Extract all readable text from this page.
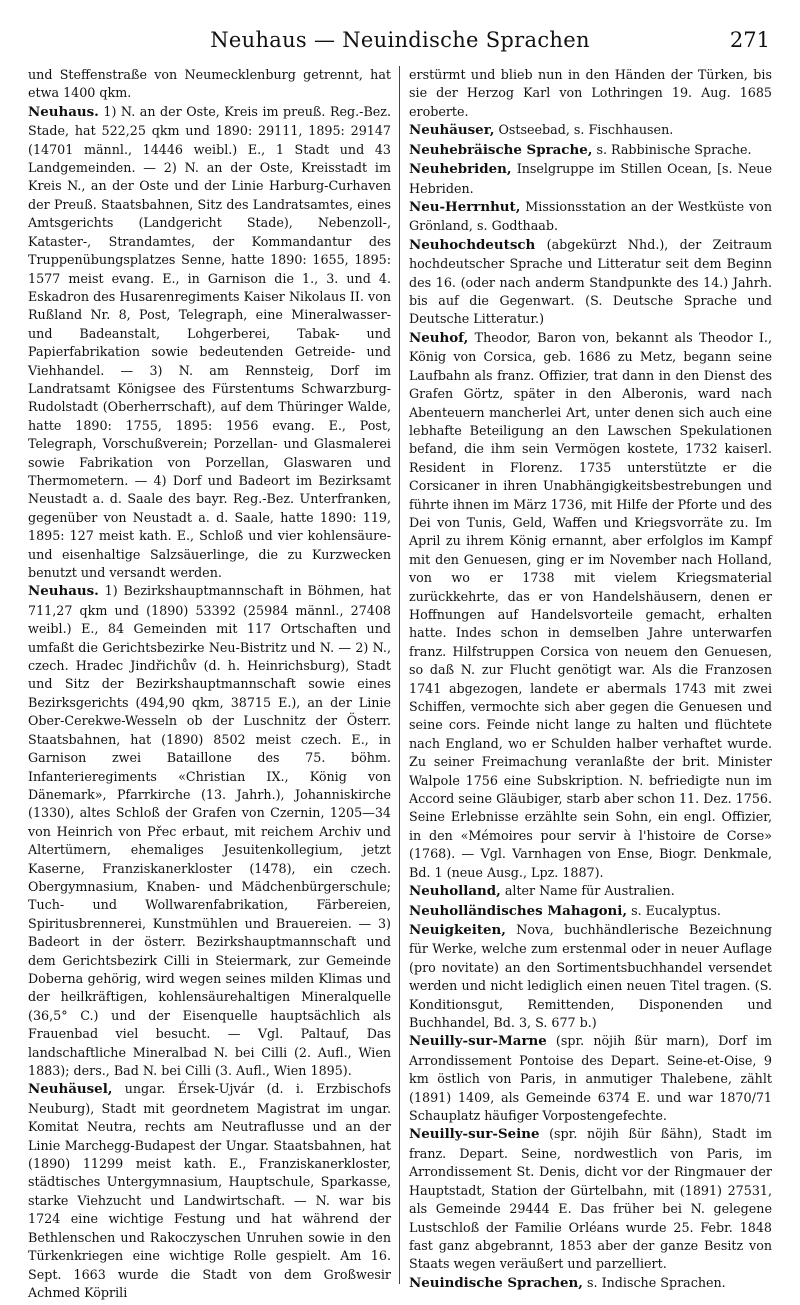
Neuhaus — Neuindische Sprachen	271

und Steffenstraße von Neumecklenburg getrennt, hat etwa 1400 qkm.

Neuhaus. 1) N. an der Oste, Kreis im preuß. Reg.-Bez. Stade, hat 522,25 qkm und 1890: 29111, 1895: 29147 (14701 männl., 14446 weibl.) E., 1 Stadt und 43 Landgemeinden. — 2) N. an der Oste, Kreisstadt im Kreis N., an der Oste und der Linie Harburg-Curhaven der Preuß. Staatsbahnen, Sitz des Landratsamtes, eines Amtsgerichts (Landgericht Stade), Nebenzoll-, Kataster-, Strandamtes, der Kommandantur des Truppenübungsplatzes Senne, hatte 1890: 1655, 1895: 1577 meist evang. E., in Garnison die 1., 3. und 4. Eskadron des Husarenregiments Kaiser Nikolaus II. von Rußland Nr. 8, Post, Telegraph, eine Mineralwasser- und Badeanstalt, Lohgerberei, Tabak- und Papierfabrikation sowie bedeutenden Getreide- und Viehhandel. — 3) N. am Rennsteig, Dorf im Landratsamt Königsee des Fürstentums Schwarzburg-Rudolstadt (Oberherrschaft), auf dem Thüringer Walde, hatte 1890: 1755, 1895: 1956 evang. E., Post, Telegraph, Vorschußverein; Porzellan- und Glasmalerei sowie Fabrikation von Porzellan, Glaswaren und Thermometern. — 4) Dorf und Badeort im Bezirksamt Neustadt a. d. Saale des bayr. Reg.-Bez. Unterfranken, gegenüber von Neustadt a. d. Saale, hatte 1890: 119, 1895: 127 meist kath. E., Schloß und vier kohlensäure- und eisenhaltige Salzsäuerlinge, die zu Kurzwecken benutzt und versandt werden.

Neuhaus. 1) Bezirkshauptmannschaft in Böhmen, hat 711,27 qkm und (1890) 53392 (25984 männl., 27408 weibl.) E., 84 Gemeinden mit 117 Ortschaften und umfaßt die Gerichtsbezirke Neu-Bistritz und N. — 2) N., czech. Hradec Jindřichův (d. h. Heinrichsburg), Stadt und Sitz der Bezirkshauptmannschaft sowie eines Bezirksgerichts (494,90 qkm, 38715 E.), an der Linie Ober-Cerekwe-Wesseln ob der Luschnitz der Österr. Staatsbahnen, hat (1890) 8502 meist czech. E., in Garnison zwei Bataillone des 75. böhm. Infanterieregiments «Christian IX., König von Dänemark», Pfarrkirche (13. Jahrh.), Johanniskirche (1330), altes Schloß der Grafen von Czernin, 1205—34 von Heinrich von Přec erbaut, mit reichem Archiv und Altertümern, ehemaliges Jesuitenkollegium, jetzt Kaserne, Franziskanerkloster (1478), ein czech. Obergymnasium, Knaben- und Mädchenbürgerschule; Tuch- und Wollwarenfabrikation, Färbereien, Spiritusbrennerei, Kunstmühlen und Brauereien. — 3) Badeort in der österr. Bezirkshauptmannschaft und dem Gerichtsbezirk Cilli in Steiermark, zur Gemeinde Doberna gehörig, wird wegen seines milden Klimas und der heilkräftigen, kohlensäurehaltigen Mineralquelle (36,5° C.) und der Eisenquelle hauptsächlich als Frauenbad viel besucht. — Vgl. Paltauf, Das landschaftliche Mineralbad N. bei Cilli (2. Aufl., Wien 1883); ders., Bad N. bei Cilli (3. Aufl., Wien 1895).

Neuhäusel, ungar. Érsek-Ujvár (d. i. Erzbischofs Neuburg), Stadt mit geordnetem Magistrat im ungar. Komitat Neutra, rechts am Neutraflusse und an der Linie Marchegg-Budapest der Ungar. Staatsbahnen, hat (1890) 11299 meist kath. E., Franziskanerkloster, städtisches Untergymnasium, Hauptschule, Sparkasse, starke Viehzucht und Landwirtschaft. — N. war bis 1724 eine wichtige Festung und hat während der Bethlenschen und Rakoczyschen Unruhen sowie in den Türkenkriegen eine wichtige Rolle gespielt. Am 16. Sept. 1663 wurde die Stadt von dem Großwesir Achmed Köprili

erstürmt und blieb nun in den Händen der Türken, bis sie der Herzog Karl von Lothringen 19. Aug. 1685 eroberte.

Neuhäuser, Ostseebad, s. Fischhausen.

Neuhebräische Sprache, s. Rabbinische Sprache.

Neuhebriden, Inselgruppe im Stillen Ocean, [s. Neue Hebriden.

Neu-Herrnhut, Missionsstation an der Westküste von Grönland, s. Godthaab.

Neuhochdeutsch (abgekürzt Nhd.), der Zeitraum hochdeutscher Sprache und Litteratur seit dem Beginn des 16. (oder nach anderm Standpunkte des 14.) Jahrh. bis auf die Gegenwart. (S. Deutsche Sprache und Deutsche Litteratur.)

Neuhof, Theodor, Baron von, bekannt als Theodor I., König von Corsica, geb. 1686 zu Metz, begann seine Laufbahn als franz. Offizier, trat dann in den Dienst des Grafen Görtz, später in den Alberonis, ward nach Abenteuern mancherlei Art, unter denen sich auch eine lebhafte Beteiligung an den Lawschen Spekulationen befand, die ihm sein Vermögen kostete, 1732 kaiserl. Resident in Florenz. 1735 unterstützte er die Corsicaner in ihren Unabhängigkeitsbestrebungen und führte ihnen im März 1736, mit Hilfe der Pforte und des Dei von Tunis, Geld, Waffen und Kriegsvorräte zu. Im April zu ihrem König ernannt, aber erfolglos im Kampf mit den Genuesen, ging er im November nach Holland, von wo er 1738 mit vielem Kriegsmaterial zurückkehrte, das er von Handelshäusern, denen er Hoffnungen auf Handelsvorteile gemacht, erhalten hatte. Indes schon in demselben Jahre unterwarfen franz. Hilfstruppen Corsica von neuem den Genuesen, so daß N. zur Flucht genötigt war. Als die Franzosen 1741 abgezogen, landete er abermals 1743 mit zwei Schiffen, vermochte sich aber gegen die Genuesen und seine cors. Feinde nicht lange zu halten und flüchtete nach England, wo er Schulden halber verhaftet wurde. Zu seiner Freimachung veranlaßte der brit. Minister Walpole 1756 eine Subskription. N. befriedigte nun im Accord seine Gläubiger, starb aber schon 11. Dez. 1756. Seine Erlebnisse erzählte sein Sohn, ein engl. Offizier, in den «Mémoires pour servir à l'histoire de Corse» (1768). — Vgl. Varnhagen von Ense, Biogr. Denkmale, Bd. 1 (neue Ausg., Lpz. 1887).

Neuholland, alter Name für Australien.

Neuholländisches Mahagoni, s. Eucalyptus.

Neuigkeiten, Nova, buchhändlerische Bezeichnung für Werke, welche zum erstenmal oder in neuer Auflage (pro novitate) an den Sortimentsbuchhandel versendet werden und nicht lediglich einen neuen Titel tragen. (S. Konditionsgut, Remittenden, Disponenden und Buchhandel, Bd. 3, S. 677 b.)

Neuilly-sur-Marne (spr. nöjih ßür marn), Dorf im Arrondissement Pontoise des Depart. Seine-et-Oise, 9 km östlich von Paris, in anmutiger Thalebene, zählt (1891) 1409, als Gemeinde 6374 E. und war 1870/71 Schauplatz häufiger Vorpostengefechte.

Neuilly-sur-Seine (spr. nöjih ßür ßähn), Stadt im franz. Depart. Seine, nordwestlich von Paris, im Arrondissement St. Denis, dicht vor der Ringmauer der Hauptstadt, Station der Gürtelbahn, mit (1891) 27531, als Gemeinde 29444 E. Das früher bei N. gelegene Lustschloß der Familie Orléans wurde 25. Febr. 1848 fast ganz abgebrannt, 1853 aber der ganze Besitz von Staats wegen veräußert und parzelliert.

Neuindische Sprachen, s. Indische Sprachen.
